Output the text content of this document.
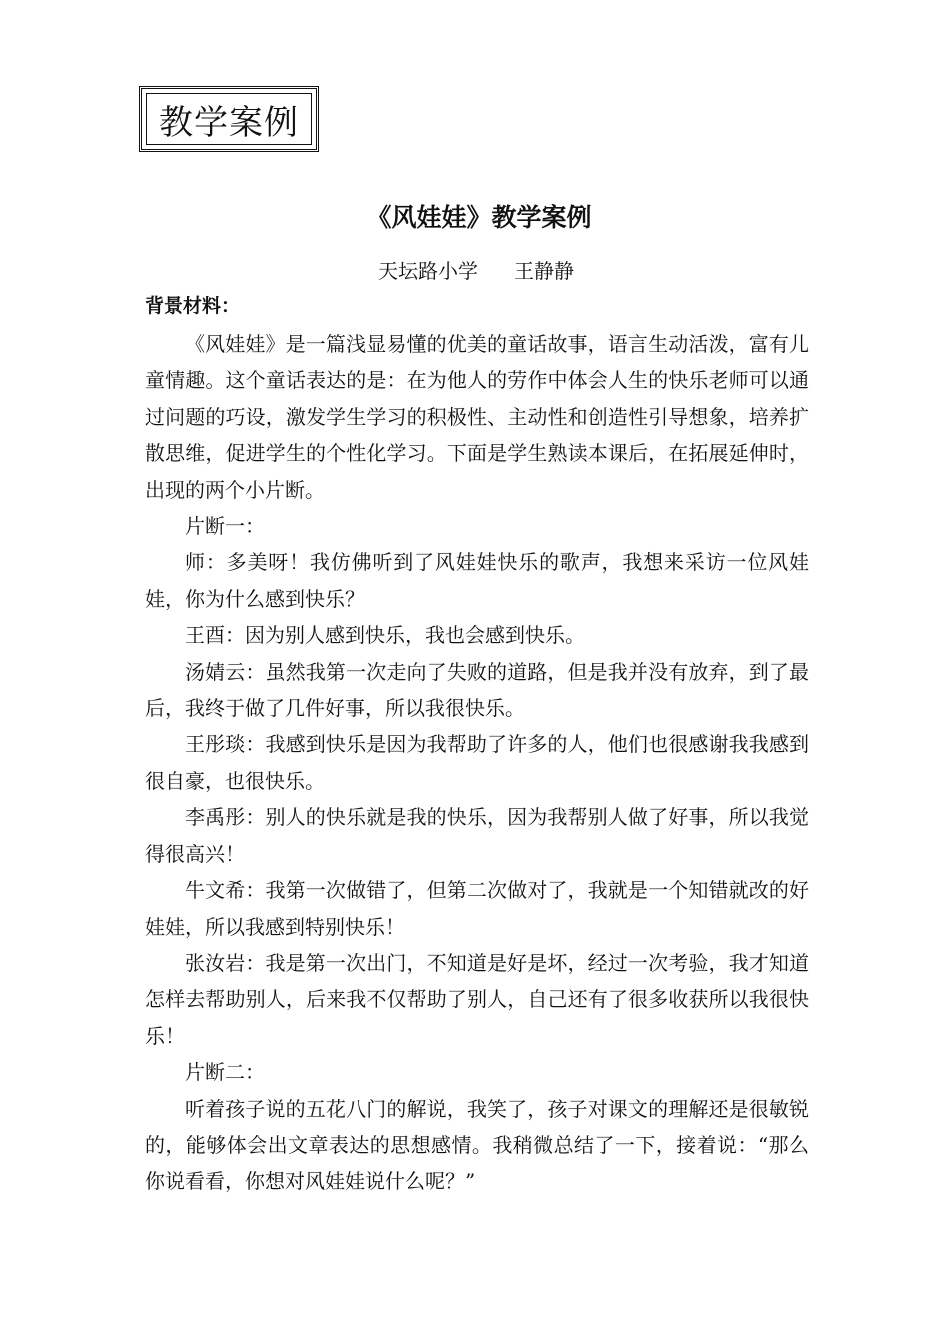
教学案例
《风娃娃》教学案例
天坛路小学 王静静
背景材料：

《风娃娃》是一篇浅显易懂的优美的童话故事，语言生动活泼，富有儿童情趣。这个童话表达的是：在为他人的劳作中体会人生的快乐老师可以通过问题的巧设，激发学生学习的积极性、主动性和创造性引导想象，培养扩散思维，促进学生的个性化学习。下面是学生熟读本课后，在拓展延伸时，出现的两个小片断。

片断一：

师：多美呀！我仿佛听到了风娃娃快乐的歌声，我想来采访一位风娃娃，你为什么感到快乐？

王酉：因为别人感到快乐，我也会感到快乐。

汤婧云：虽然我第一次走向了失败的道路，但是我并没有放弃，到了最后，我终于做了几件好事，所以我很快乐。

王彤琰：我感到快乐是因为我帮助了许多的人，他们也很感谢我我感到很自豪，也很快乐。

李禹彤：别人的快乐就是我的快乐，因为我帮别人做了好事，所以我觉得很高兴！

牛文希：我第一次做错了，但第二次做对了，我就是一个知错就改的好娃娃，所以我感到特别快乐！

张汝岩：我是第一次出门，不知道是好是坏，经过一次考验，我才知道怎样去帮助别人，后来我不仅帮助了别人，自己还有了很多收获所以我很快乐！

片断二：

听着孩子说的五花八门的解说，我笑了，孩子对课文的理解还是很敏锐的，能够体会出文章表达的思想感情。我稍微总结了一下，接着说：“那么你说看看，你想对风娃娃说什么呢？”
